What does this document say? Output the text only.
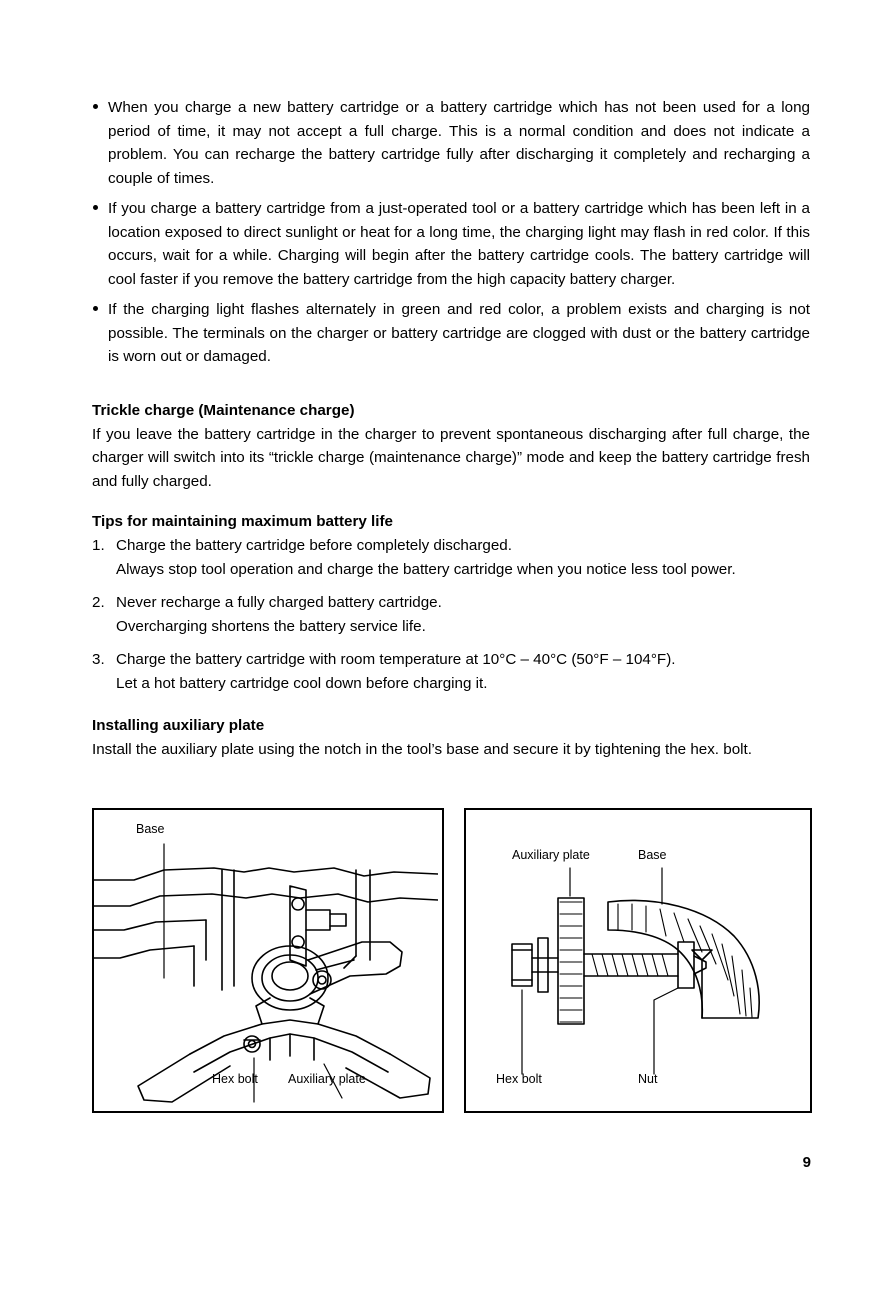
When you charge a new battery cartridge or a battery cartridge which has not been used for a long period of time, it may not accept a full charge. This is a normal condition and does not indicate a problem. You can recharge the battery cartridge fully after discharging it completely and recharging a couple of times.
If you charge a battery cartridge from a just-operated tool or a battery cartridge which has been left in a location exposed to direct sunlight or heat for a long time, the charging light may flash in red color. If this occurs, wait for a while. Charging will begin after the battery cartridge cools. The battery cartridge will cool faster if you remove the battery cartridge from the high capacity battery charger.
If the charging light flashes alternately in green and red color, a problem exists and charging is not possible. The terminals on the charger or battery cartridge are clogged with dust or the battery cartridge is worn out or damaged.
Trickle charge (Maintenance charge)

If you leave the battery cartridge in the charger to prevent spontaneous discharging after full charge, the charger will switch into its “trickle charge (maintenance charge)” mode and keep the battery cartridge fresh and fully charged.

Tips for maintaining maximum battery life
1. Charge the battery cartridge before completely discharged.
Always stop tool operation and charge the battery cartridge when you notice less tool power.
2. Never recharge a fully charged battery cartridge.
Overcharging shortens the battery service life.
3. Charge the battery cartridge with room temperature at 10°C – 40°C (50°F – 104°F).
Let a hot battery cartridge cool down before charging it.
Installing auxiliary plate

Install the auxiliary plate using the notch in the tool’s base and secure it by tightening the hex. bolt.

Base
Hex bolt Auxiliary plate
Auxiliary plate	Base
Hex bolt	Nut
9
